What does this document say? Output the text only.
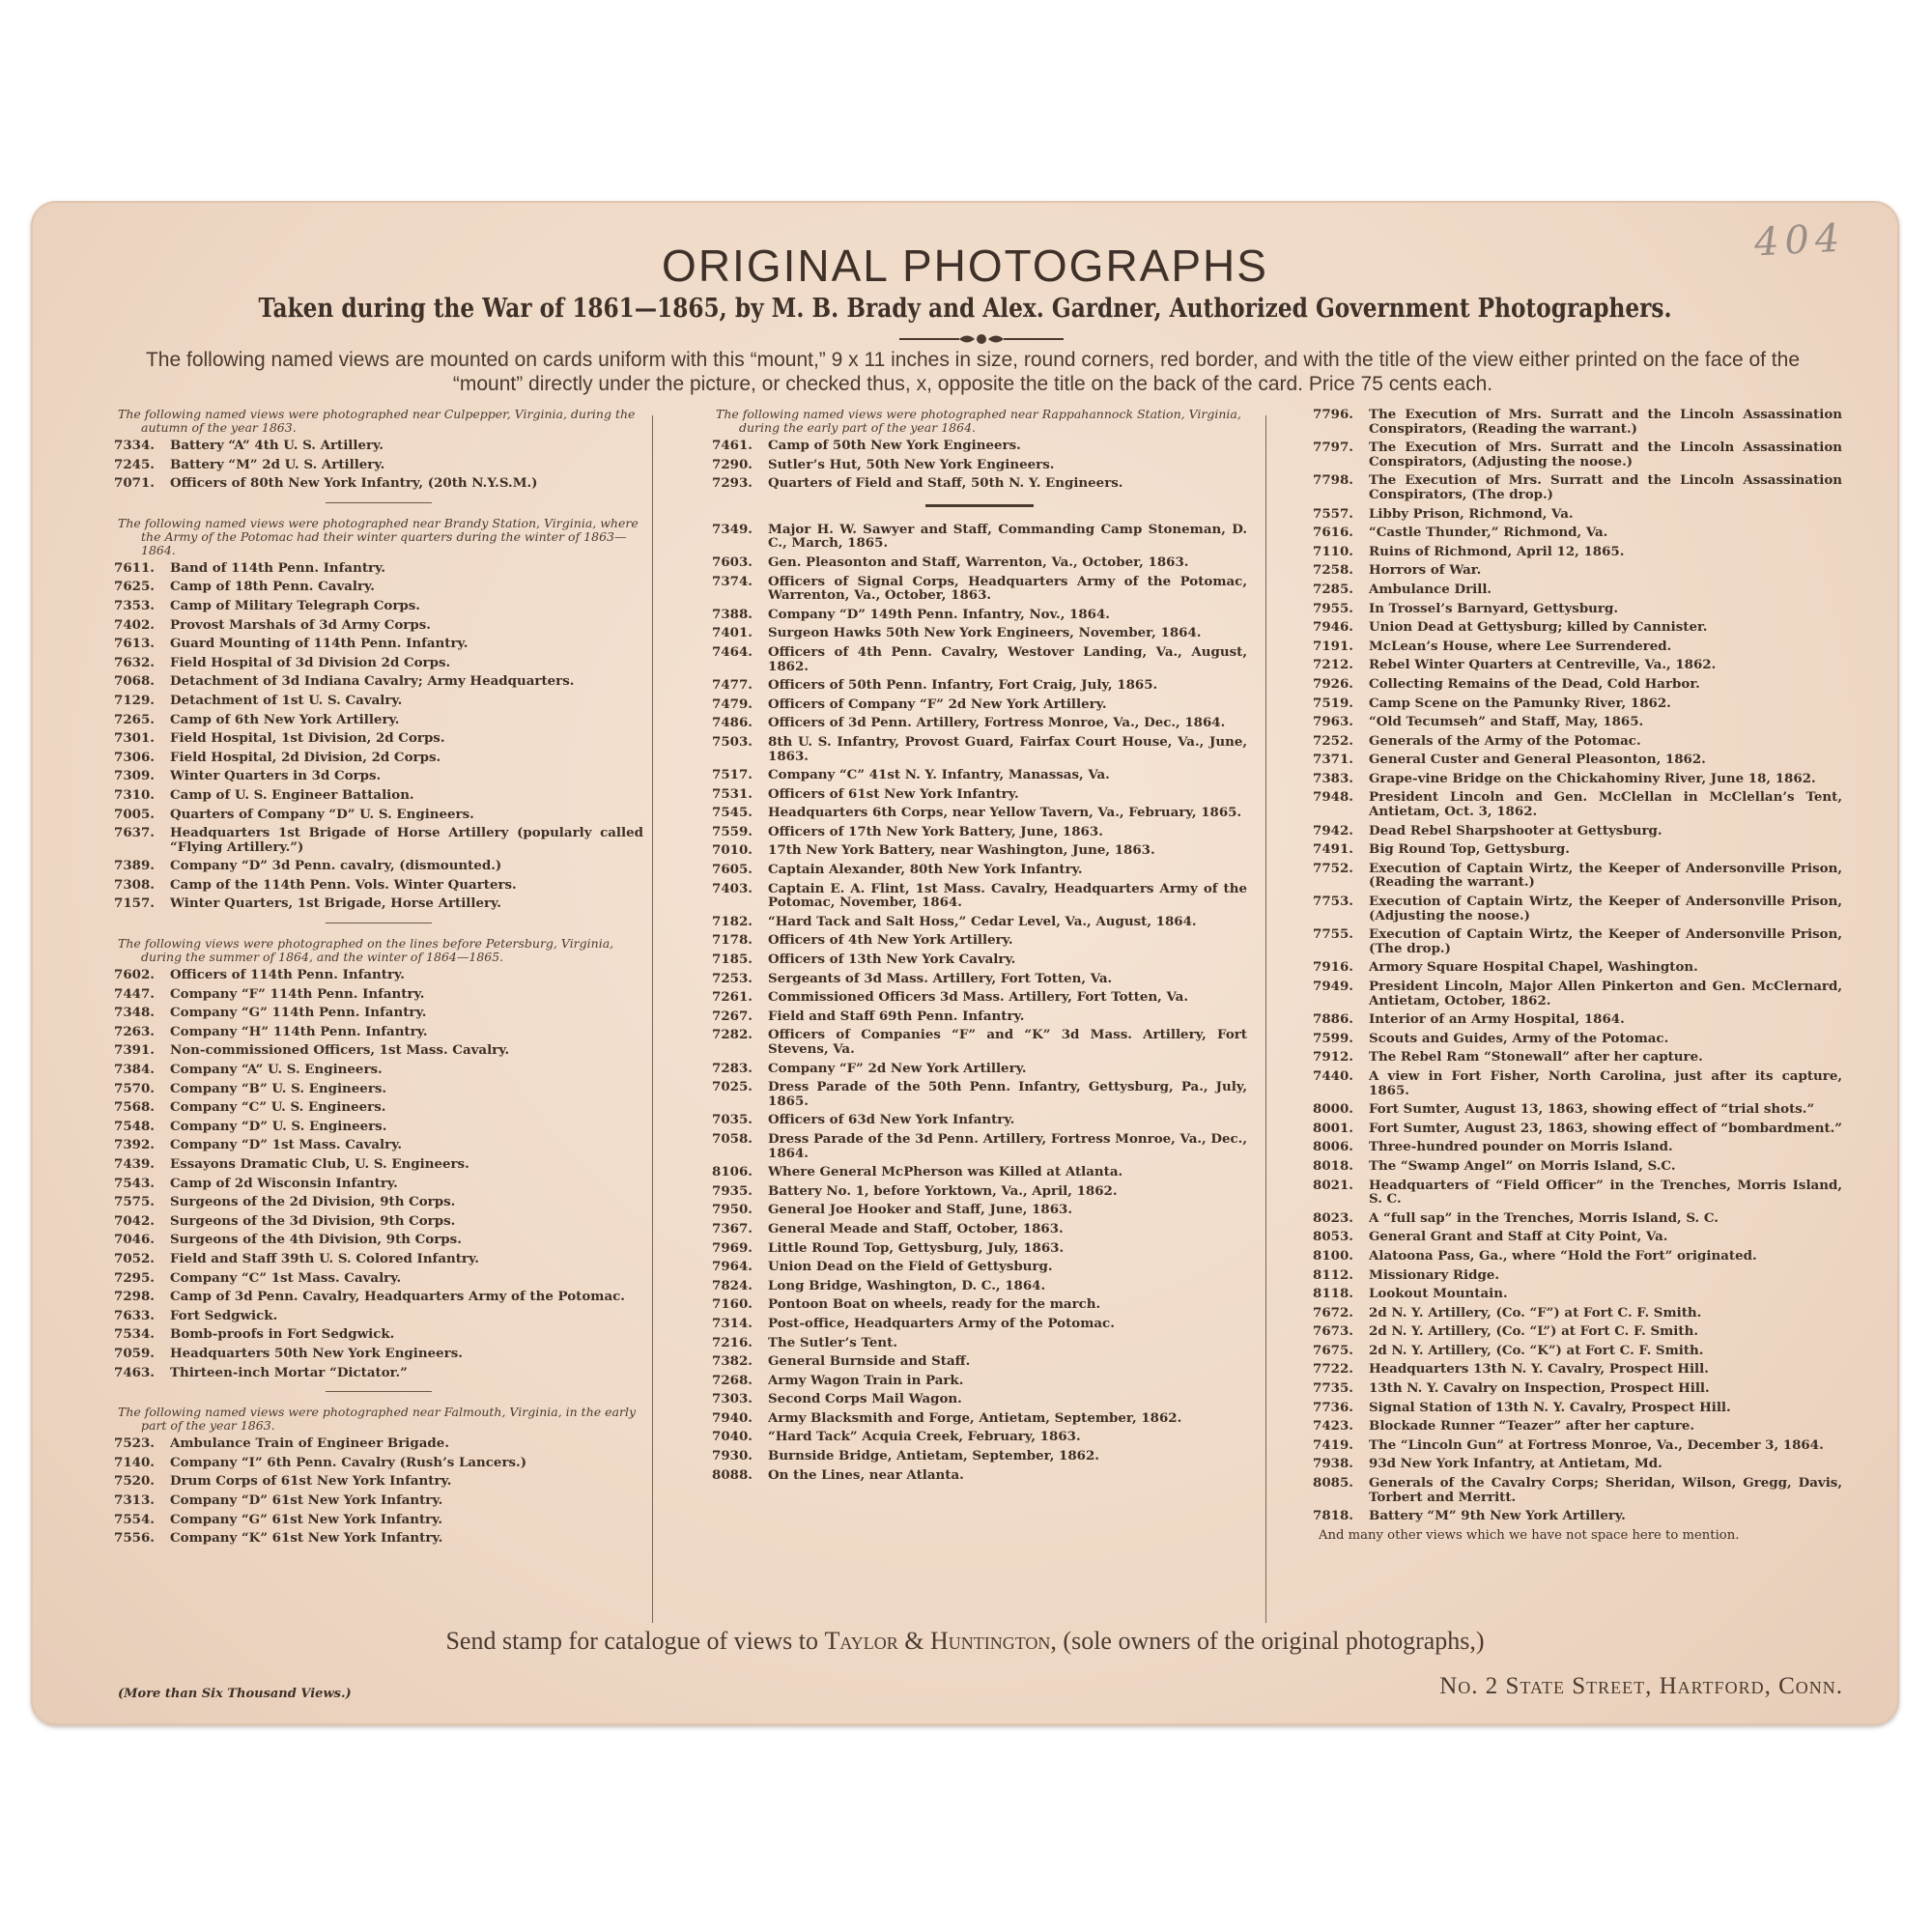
404
ORIGINAL PHOTOGRAPHS
Taken during the War of 1861—1865, by M. B. Brady and Alex. Gardner, Authorized Government Photographers.
The following named views are mounted on cards uniform with this “mount,” 9 x 11 inches in size, round corners, red border, and with the title of the view either printed on the face of the “mount” directly under the picture, or checked thus, x, opposite the title on the back of the card. Price 75 cents each.

The following named views were photographed near Culpepper, Virginia, during the autumn of the year 1863.

7334.	Battery “A” 4th U. S. Artillery.
7245.	Battery “M” 2d U. S. Artillery.
7071.	Officers of 80th New York Infantry, (20th N.Y.S.M.)

The following named views were photographed near Brandy Station, Virginia, where the Army of the Potomac had their winter quarters during the winter of 1863—1864.

7611.	Band of 114th Penn. Infantry.
7625.	Camp of 18th Penn. Cavalry.
7353.	Camp of Military Telegraph Corps.
7402.	Provost Marshals of 3d Army Corps.
7613.	Guard Mounting of 114th Penn. Infantry.
7632.	Field Hospital of 3d Division 2d Corps.
7068.	Detachment of 3d Indiana Cavalry; Army Headquarters.
7129.	Detachment of 1st U. S. Cavalry.
7265.	Camp of 6th New York Artillery.
7301.	Field Hospital, 1st Division, 2d Corps.
7306.	Field Hospital, 2d Division, 2d Corps.
7309.	Winter Quarters in 3d Corps.
7310.	Camp of U. S. Engineer Battalion.
7005.	Quarters of Company “D” U. S. Engineers.
7637.	Headquarters 1st Brigade of Horse Artillery (popularly called “Flying Artillery.”)
7389.	Company “D” 3d Penn. cavalry, (dismounted.)
7308.	Camp of the 114th Penn. Vols. Winter Quarters.
7157.	Winter Quarters, 1st Brigade, Horse Artillery.

The following views were photographed on the lines before Petersburg, Virginia, during the summer of 1864, and the winter of 1864—1865.

7602.	Officers of 114th Penn. Infantry.
7447.	Company “F” 114th Penn. Infantry.
7348.	Company “G” 114th Penn. Infantry.
7263.	Company “H” 114th Penn. Infantry.
7391.	Non-commissioned Officers, 1st Mass. Cavalry.
7384.	Company “A” U. S. Engineers.
7570.	Company “B” U. S. Engineers.
7568.	Company “C” U. S. Engineers.
7548.	Company “D” U. S. Engineers.
7392.	Company “D” 1st Mass. Cavalry.
7439.	Essayons Dramatic Club, U. S. Engineers.
7543.	Camp of 2d Wisconsin Infantry.
7575.	Surgeons of the 2d Division, 9th Corps.
7042.	Surgeons of the 3d Division, 9th Corps.
7046.	Surgeons of the 4th Division, 9th Corps.
7052.	Field and Staff 39th U. S. Colored Infantry.
7295.	Company “C” 1st Mass. Cavalry.
7298.	Camp of 3d Penn. Cavalry, Headquarters Army of the Potomac.
7633.	Fort Sedgwick.
7534.	Bomb-proofs in Fort Sedgwick.
7059.	Headquarters 50th New York Engineers.
7463.	Thirteen-inch Mortar “Dictator.”

The following named views were photographed near Falmouth, Virginia, in the early part of the year 1863.

7523.	Ambulance Train of Engineer Brigade.
7140.	Company “I” 6th Penn. Cavalry (Rush’s Lancers.)
7520.	Drum Corps of 61st New York Infantry.
7313.	Company “D” 61st New York Infantry.
7554.	Company “G” 61st New York Infantry.
7556.	Company “K” 61st New York Infantry.

The following named views were photographed near Rappahannock Station, Virginia, during the early part of the year 1864.

7461.	Camp of 50th New York Engineers.
7290.	Sutler’s Hut, 50th New York Engineers.
7293.	Quarters of Field and Staff, 50th N. Y. Engineers.
7349.	Major H. W. Sawyer and Staff, Commanding Camp Stoneman, D. C., March, 1865.
7603.	Gen. Pleasonton and Staff, Warrenton, Va., October, 1863.
7374.	Officers of Signal Corps, Headquarters Army of the Potomac, Warrenton, Va., October, 1863.
7388.	Company “D” 149th Penn. Infantry, Nov., 1864.
7401.	Surgeon Hawks 50th New York Engineers, November, 1864.
7464.	Officers of 4th Penn. Cavalry, Westover Landing, Va., August, 1862.
7477.	Officers of 50th Penn. Infantry, Fort Craig, July, 1865.
7479.	Officers of Company “F” 2d New York Artillery.
7486.	Officers of 3d Penn. Artillery, Fortress Monroe, Va., Dec., 1864.
7503.	8th U. S. Infantry, Provost Guard, Fairfax Court House, Va., June, 1863.
7517.	Company “C” 41st N. Y. Infantry, Manassas, Va.
7531.	Officers of 61st New York Infantry.
7545.	Headquarters 6th Corps, near Yellow Tavern, Va., February, 1865.
7559.	Officers of 17th New York Battery, June, 1863.
7010.	17th New York Battery, near Washington, June, 1863.
7605.	Captain Alexander, 80th New York Infantry.
7403.	Captain E. A. Flint, 1st Mass. Cavalry, Headquarters Army of the Potomac, November, 1864.
7182.	“Hard Tack and Salt Hoss,” Cedar Level, Va., August, 1864.
7178.	Officers of 4th New York Artillery.
7185.	Officers of 13th New York Cavalry.
7253.	Sergeants of 3d Mass. Artillery, Fort Totten, Va.
7261.	Commissioned Officers 3d Mass. Artillery, Fort Totten, Va.
7267.	Field and Staff 69th Penn. Infantry.
7282.	Officers of Companies “F” and “K” 3d Mass. Artillery, Fort Stevens, Va.
7283.	Company “F” 2d New York Artillery.
7025.	Dress Parade of the 50th Penn. Infantry, Gettysburg, Pa., July, 1865.
7035.	Officers of 63d New York Infantry.
7058.	Dress Parade of the 3d Penn. Artillery, Fortress Monroe, Va., Dec., 1864.
8106.	Where General McPherson was Killed at Atlanta.
7935.	Battery No. 1, before Yorktown, Va., April, 1862.
7950.	General Joe Hooker and Staff, June, 1863.
7367.	General Meade and Staff, October, 1863.
7969.	Little Round Top, Gettysburg, July, 1863.
7964.	Union Dead on the Field of Gettysburg.
7824.	Long Bridge, Washington, D. C., 1864.
7160.	Pontoon Boat on wheels, ready for the march.
7314.	Post-office, Headquarters Army of the Potomac.
7216.	The Sutler’s Tent.
7382.	General Burnside and Staff.
7268.	Army Wagon Train in Park.
7303.	Second Corps Mail Wagon.
7940.	Army Blacksmith and Forge, Antietam, September, 1862.
7040.	“Hard Tack” Acquia Creek, February, 1863.
7930.	Burnside Bridge, Antietam, September, 1862.
8088.	On the Lines, near Atlanta.
7796.	The Execution of Mrs. Surratt and the Lincoln Assassination Conspirators, (Reading the warrant.)
7797.	The Execution of Mrs. Surratt and the Lincoln Assassination Conspirators, (Adjusting the noose.)
7798.	The Execution of Mrs. Surratt and the Lincoln Assassination Conspirators, (The drop.)
7557.	Libby Prison, Richmond, Va.
7616.	“Castle Thunder,” Richmond, Va.
7110.	Ruins of Richmond, April 12, 1865.
7258.	Horrors of War.
7285.	Ambulance Drill.
7955.	In Trossel’s Barnyard, Gettysburg.
7946.	Union Dead at Gettysburg; killed by Cannister.
7191.	McLean’s House, where Lee Surrendered.
7212.	Rebel Winter Quarters at Centreville, Va., 1862.
7926.	Collecting Remains of the Dead, Cold Harbor.
7519.	Camp Scene on the Pamunky River, 1862.
7963.	“Old Tecumseh” and Staff, May, 1865.
7252.	Generals of the Army of the Potomac.
7371.	General Custer and General Pleasonton, 1862.
7383.	Grape-vine Bridge on the Chickahominy River, June 18, 1862.
7948.	President Lincoln and Gen. McClellan in McClellan’s Tent, Antietam, Oct. 3, 1862.
7942.	Dead Rebel Sharpshooter at Gettysburg.
7491.	Big Round Top, Gettysburg.
7752.	Execution of Captain Wirtz, the Keeper of Andersonville Prison, (Reading the warrant.)
7753.	Execution of Captain Wirtz, the Keeper of Andersonville Prison, (Adjusting the noose.)
7755.	Execution of Captain Wirtz, the Keeper of Andersonville Prison, (The drop.)
7916.	Armory Square Hospital Chapel, Washington.
7949.	President Lincoln, Major Allen Pinkerton and Gen. McClernard, Antietam, October, 1862.
7886.	Interior of an Army Hospital, 1864.
7599.	Scouts and Guides, Army of the Potomac.
7912.	The Rebel Ram “Stonewall” after her capture.
7440.	A view in Fort Fisher, North Carolina, just after its capture, 1865.
8000.	Fort Sumter, August 13, 1863, showing effect of “trial shots.”
8001.	Fort Sumter, August 23, 1863, showing effect of “bombardment.”
8006.	Three-hundred pounder on Morris Island.
8018.	The “Swamp Angel” on Morris Island, S.C.
8021.	Headquarters of “Field Officer” in the Trenches, Morris Island, S. C.
8023.	A “full sap” in the Trenches, Morris Island, S. C.
8053.	General Grant and Staff at City Point, Va.
8100.	Alatoona Pass, Ga., where “Hold the Fort” originated.
8112.	Missionary Ridge.
8118.	Lookout Mountain.
7672.	2d N. Y. Artillery, (Co. “F”) at Fort C. F. Smith.
7673.	2d N. Y. Artillery, (Co. “L”) at Fort C. F. Smith.
7675.	2d N. Y. Artillery, (Co. “K”) at Fort C. F. Smith.
7722.	Headquarters 13th N. Y. Cavalry, Prospect Hill.
7735.	13th N. Y. Cavalry on Inspection, Prospect Hill.
7736.	Signal Station of 13th N. Y. Cavalry, Prospect Hill.
7423.	Blockade Runner “Teazer” after her capture.
7419.	The “Lincoln Gun” at Fortress Monroe, Va., December 3, 1864.
7938.	93d New York Infantry, at Antietam, Md.
8085.	Generals of the Cavalry Corps; Sheridan, Wilson, Gregg, Davis, Torbert and Merritt.
7818.	Battery “M” 9th New York Artillery.
And many other views which we have not space here to mention.
Send stamp for catalogue of views to Taylor & Huntington, (sole owners of the original photographs,)
(More than Six Thousand Views.)	No. 2 State Street, Hartford, Conn.
